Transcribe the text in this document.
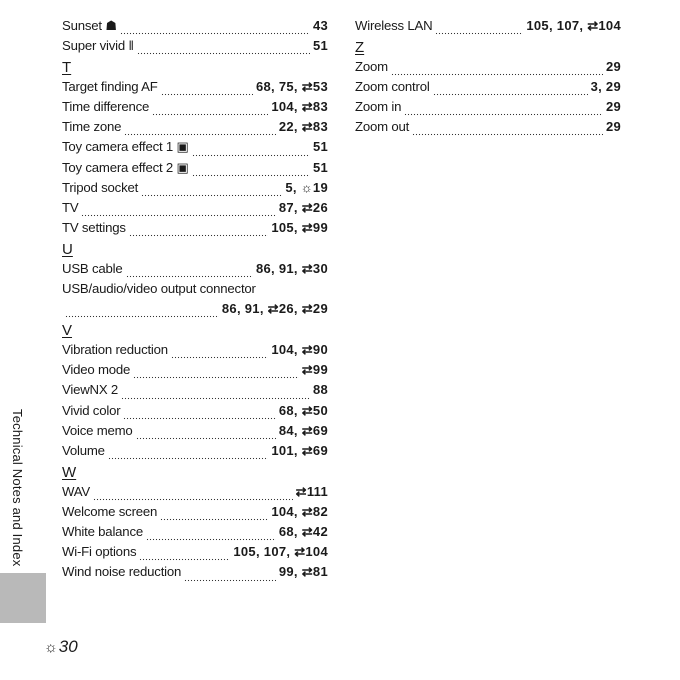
Sunset ☗	43
Super vivid ‖	51
T
Target finding AF	68, 75, ⇄53
Time difference	104, ⇄83
Time zone	22, ⇄83
Toy camera effect 1 ▣	51
Toy camera effect 2 ▣	51
Tripod socket	5, ☼19
TV	87, ⇄26
TV settings	105, ⇄99
U
USB cable	86, 91, ⇄30
USB/audio/video output connector
86, 91, ⇄26, ⇄29
V
Vibration reduction	104, ⇄90
Video mode	⇄99
ViewNX 2	88
Vivid color	68, ⇄50
Voice memo	84, ⇄69
Volume	101, ⇄69
W
WAV	⇄111
Welcome screen	104, ⇄82
White balance	68, ⇄42
Wi-Fi options	105, 107, ⇄104
Wind noise reduction	99, ⇄81
Wireless LAN	105, 107, ⇄104
Z
Zoom	29
Zoom control	3, 29
Zoom in	29
Zoom out	29
Technical Notes and Index
☼30
